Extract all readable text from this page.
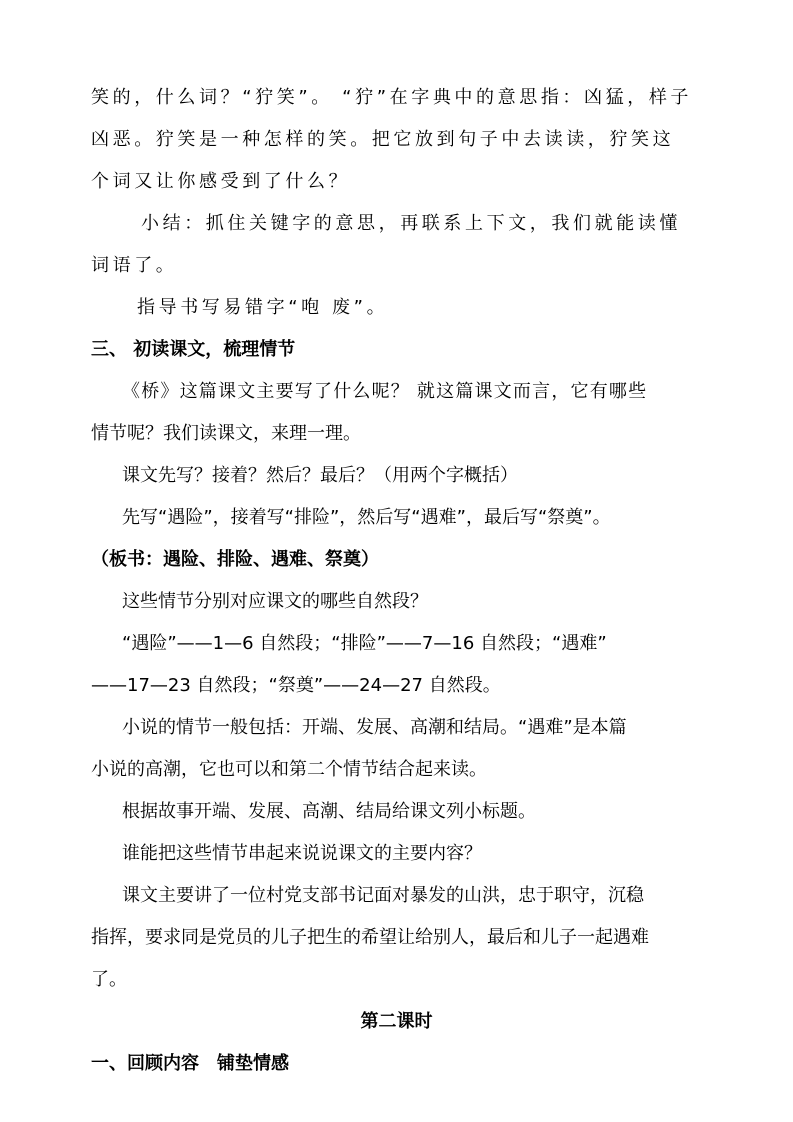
笑的，什么词？“狞笑”。 “狞”在字典中的意思指：凶猛，样子
凶恶。狞笑是一种怎样的笑。把它放到句子中去读读，狞笑这
个词又让你感受到了什么？
小结：抓住关键字的意思，再联系上下文，我们就能读懂
词语了。
指导书写易错字“咆 废”。
三、 初读课文，梳理情节
《桥》这篇课文主要写了什么呢？ 就这篇课文而言，它有哪些
情节呢？我们读课文，来理一理。
课文先写？接着？然后？最后？（用两个字概括）
先写“遇险”，接着写“排险”，然后写“遇难”，最后写“祭奠”。
（板书：遇险、排险、遇难、祭奠）
这些情节分别对应课文的哪些自然段？
“遇险”——1—6 自然段；“排险”——7—16 自然段；“遇难”
——17—23 自然段；“祭奠”——24—27 自然段。
小说的情节一般包括：开端、发展、高潮和结局。“遇难”是本篇
小说的高潮，它也可以和第二个情节结合起来读。
根据故事开端、发展、高潮、结局给课文列小标题。
谁能把这些情节串起来说说课文的主要内容？
课文主要讲了一位村党支部书记面对暴发的山洪，忠于职守，沉稳
指挥，要求同是党员的儿子把生的希望让给别人，最后和儿子一起遇难
了。
第二课时
一、回顾内容　铺垫情感
